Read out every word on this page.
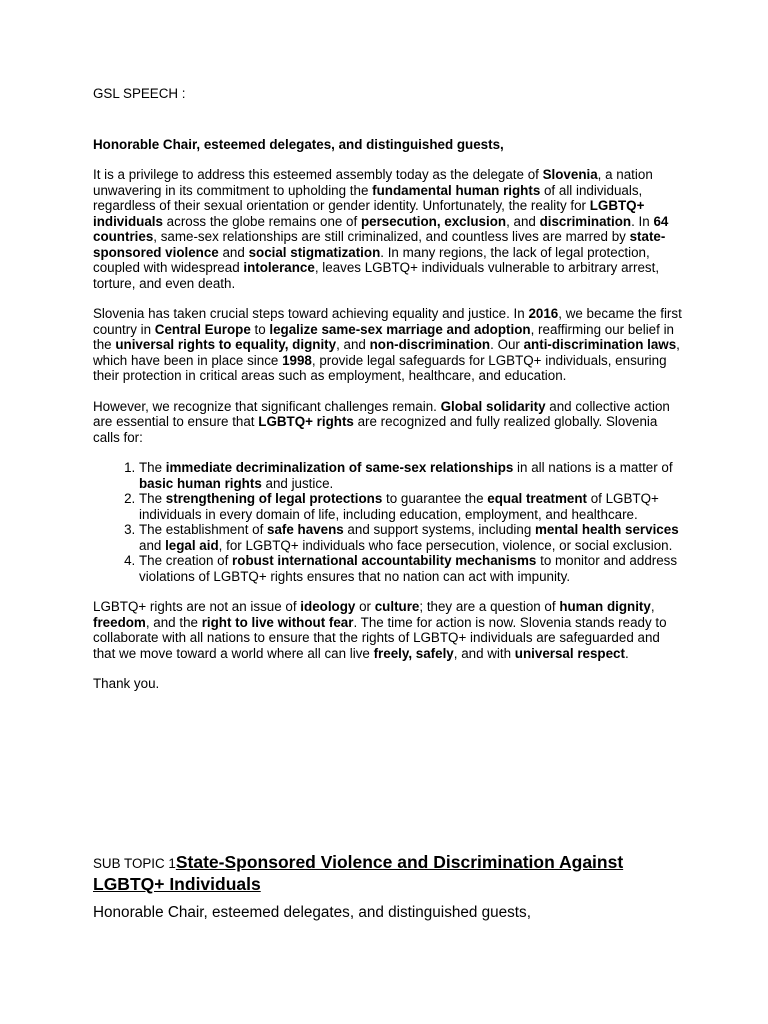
GSL SPEECH :

Honorable Chair, esteemed delegates, and distinguished guests,

It is a privilege to address this esteemed assembly today as the delegate of Slovenia, a nation unwavering in its commitment to upholding the fundamental human rights of all individuals, regardless of their sexual orientation or gender identity. Unfortunately, the reality for LGBTQ+ individuals across the globe remains one of persecution, exclusion, and discrimination. In 64 countries, same-sex relationships are still criminalized, and countless lives are marred by state-sponsored violence and social stigmatization. In many regions, the lack of legal protection, coupled with widespread intolerance, leaves LGBTQ+ individuals vulnerable to arbitrary arrest, torture, and even death.

Slovenia has taken crucial steps toward achieving equality and justice. In 2016, we became the first country in Central Europe to legalize same-sex marriage and adoption, reaffirming our belief in the universal rights to equality, dignity, and non-discrimination. Our anti-discrimination laws, which have been in place since 1998, provide legal safeguards for LGBTQ+ individuals, ensuring their protection in critical areas such as employment, healthcare, and education.

However, we recognize that significant challenges remain. Global solidarity and collective action are essential to ensure that LGBTQ+ rights are recognized and fully realized globally. Slovenia calls for:

1. The immediate decriminalization of same-sex relationships in all nations is a matter of basic human rights and justice.
2. The strengthening of legal protections to guarantee the equal treatment of LGBTQ+ individuals in every domain of life, including education, employment, and healthcare.
3. The establishment of safe havens and support systems, including mental health services and legal aid, for LGBTQ+ individuals who face persecution, violence, or social exclusion.
4. The creation of robust international accountability mechanisms to monitor and address violations of LGBTQ+ rights ensures that no nation can act with impunity.

LGBTQ+ rights are not an issue of ideology or culture; they are a question of human dignity, freedom, and the right to live without fear. The time for action is now. Slovenia stands ready to collaborate with all nations to ensure that the rights of LGBTQ+ individuals are safeguarded and that we move toward a world where all can live freely, safely, and with universal respect.

Thank you.

SUB TOPIC 1State-Sponsored Violence and Discrimination Against LGBTQ+ Individuals

Honorable Chair, esteemed delegates, and distinguished guests,
